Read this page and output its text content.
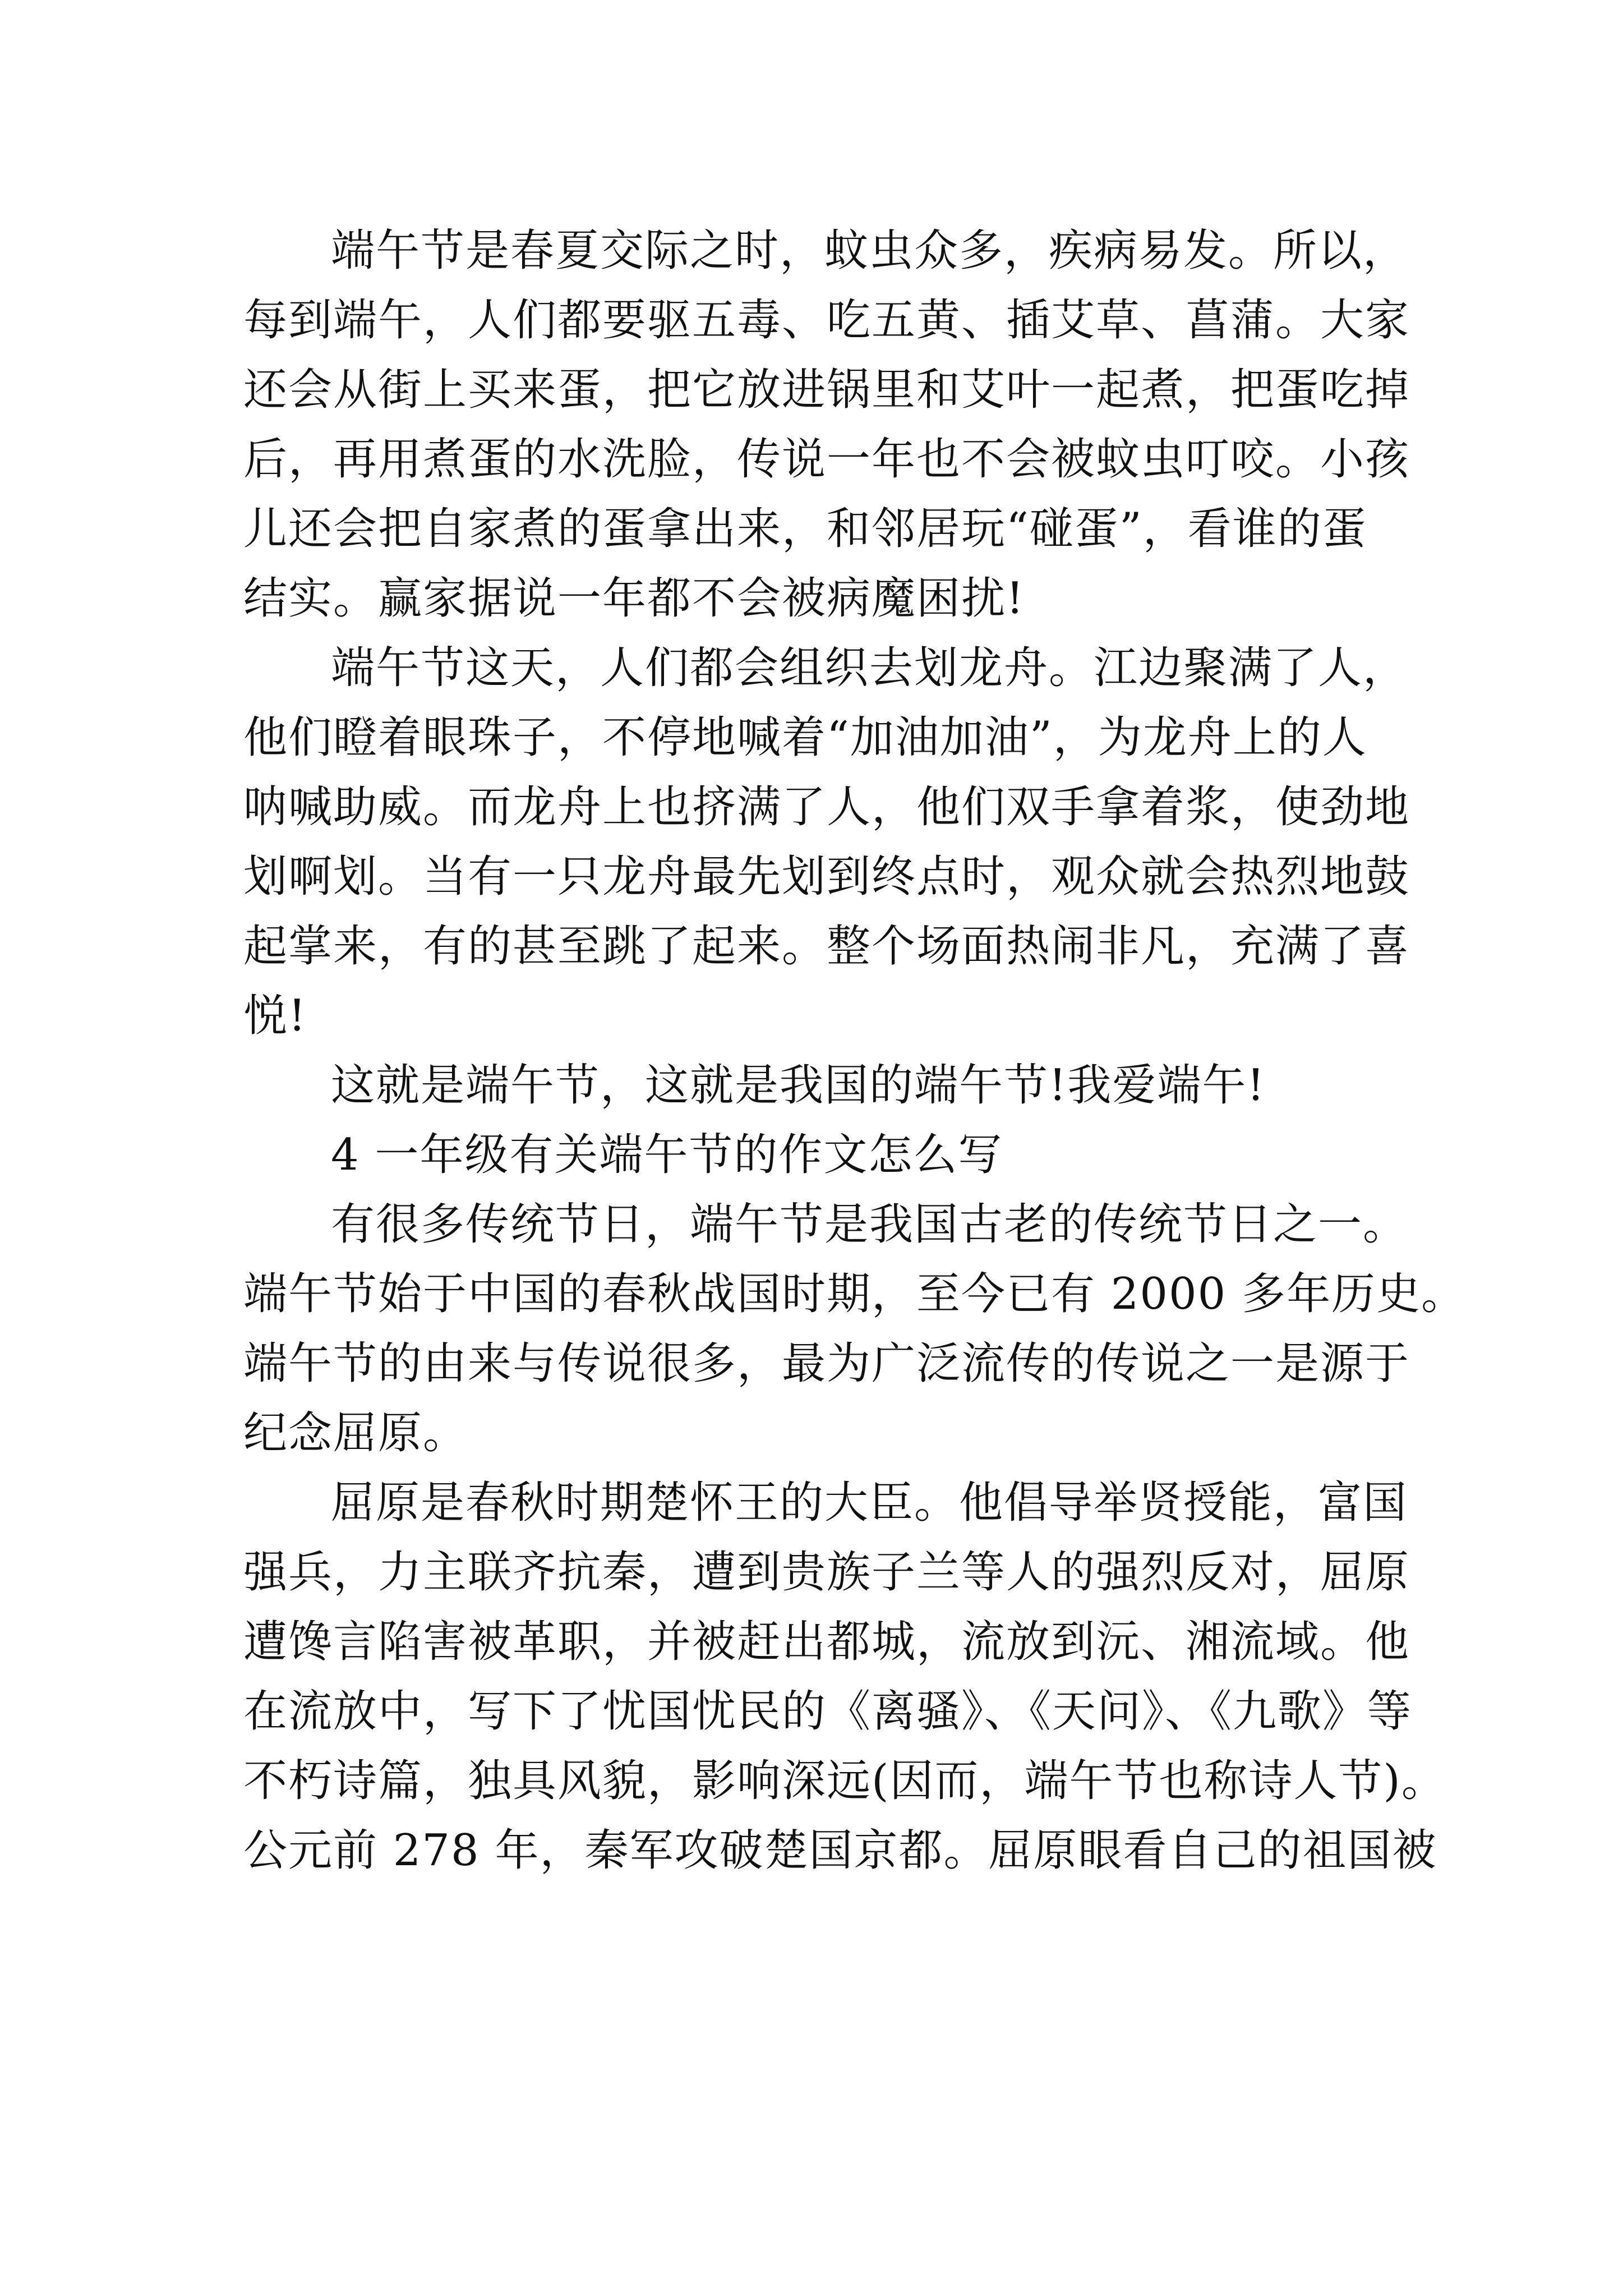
端午节是春夏交际之时，蚊虫众多，疾病易发。所以，
每到端午，人们都要驱五毒、吃五黄、插艾草、菖蒲。大家
还会从街上买来蛋，把它放进锅里和艾叶一起煮，把蛋吃掉
后，再用煮蛋的水洗脸，传说一年也不会被蚊虫叮咬。小孩
儿还会把自家煮的蛋拿出来，和邻居玩“碰蛋”，看谁的蛋
结实。赢家据说一年都不会被病魔困扰!
端午节这天，人们都会组织去划龙舟。江边聚满了人，
他们瞪着眼珠子，不停地喊着“加油加油”，为龙舟上的人
呐喊助威。而龙舟上也挤满了人，他们双手拿着浆，使劲地
划啊划。当有一只龙舟最先划到终点时，观众就会热烈地鼓
起掌来，有的甚至跳了起来。整个场面热闹非凡，充满了喜
悦!
这就是端午节，这就是我国的端午节!我爱端午!
4 一年级有关端午节的作文怎么写
有很多传统节日，端午节是我国古老的传统节日之一。
端午节始于中国的春秋战国时期，至今已有 2000 多年历史。
端午节的由来与传说很多，最为广泛流传的传说之一是源于
纪念屈原。
屈原是春秋时期楚怀王的大臣。他倡导举贤授能，富国
强兵，力主联齐抗秦，遭到贵族子兰等人的强烈反对，屈原
遭馋言陷害被革职，并被赶出都城，流放到沅、湘流域。他
在流放中，写下了忧国忧民的《离骚》、《天问》、《九歌》等
不朽诗篇，独具风貌，影响深远(因而，端午节也称诗人节)。
公元前 278 年，秦军攻破楚国京都。屈原眼看自己的祖国被
